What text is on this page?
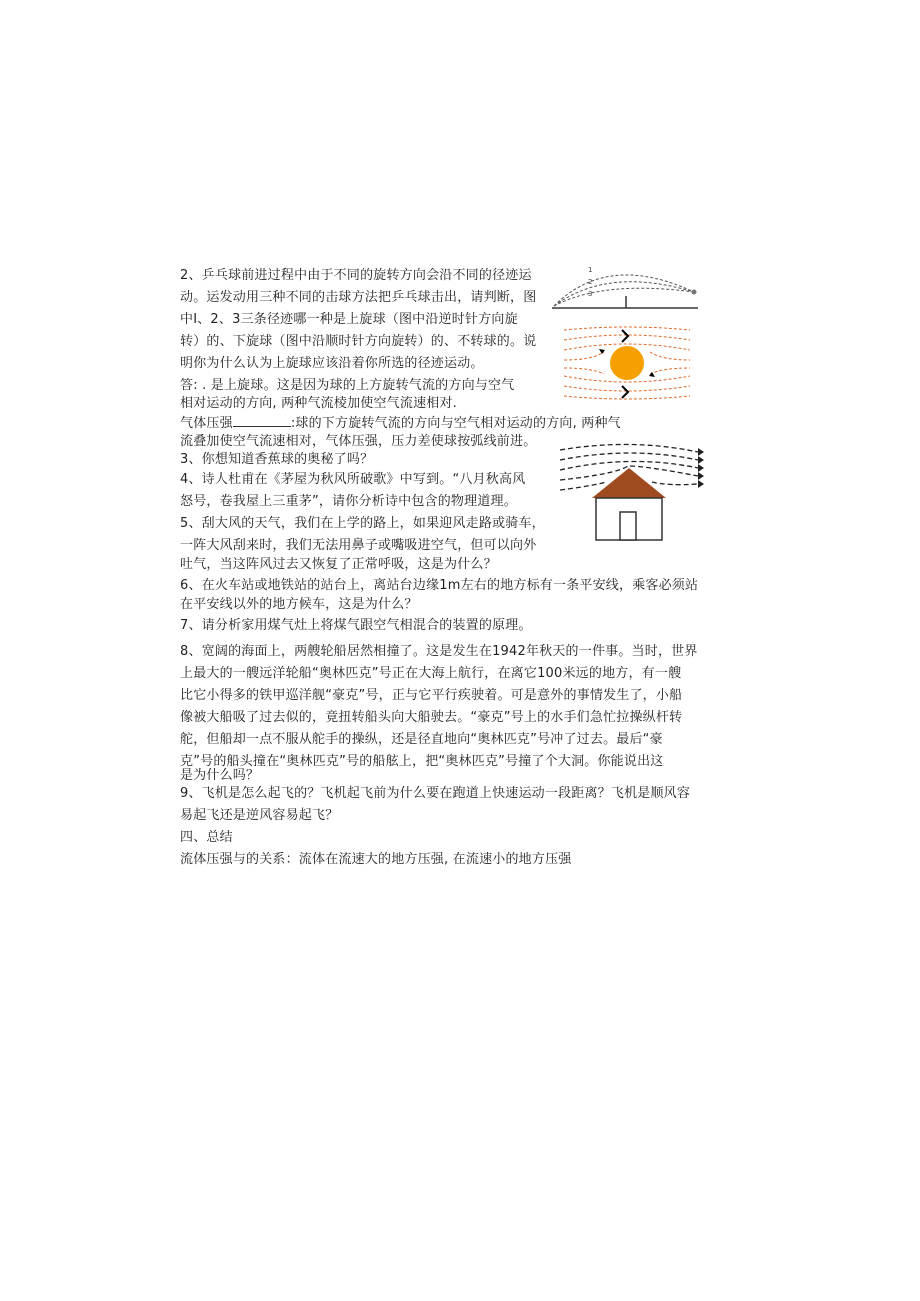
2、乒乓球前进过程中由于不同的旋转方向会沿不同的径迹运
动。运发动用三种不同的击球方法把乒乓球击出，请判断，图
中I、2、3三条径迹哪一种是上旋球（图中沿逆时针方向旋
转）的、下旋球（图中沿顺时针方向旋转）的、不转球的。说
明你为什么认为上旋球应该沿着你所选的径迹运动。
答: . 是上旋球。这是因为球的上方旋转气流的方向与空气
相对运动的方向, 两种气流棱加使空气流速相对.
气体压强	:球的下方旋转气流的方向与空气相对运动的方向, 两种气
流叠加使空气流速相对，气体压强，压力差使球按弧线前进。
3、你想知道香蕉球的奥秘了吗？
4、诗人杜甫在《茅屋为秋风所破歌》中写到。“八月秋高风
怒号，卷我屋上三重茅”，请你分析诗中包含的物理道理。
5、刮大风的天气，我们在上学的路上，如果迎风走路或骑车，
一阵大风刮来时，我们无法用鼻子或嘴吸进空气，但可以向外
吐气，当这阵风过去又恢复了正常呼吸，这是为什么？
6、在火车站或地铁站的站台上，离站台边缘1m左右的地方标有一条平安线，乘客必须站
在平安线以外的地方候车，这是为什么？
7、请分析家用煤气灶上将煤气跟空气相混合的装置的原理。
8、宽阔的海面上，两艘轮船居然相撞了。这是发生在1942年秋天的一件事。当时，世界
上最大的一艘远洋轮船“奥林匹克”号正在大海上航行，在离它100米远的地方，有一艘
比它小得多的铁甲巡洋舰“豪克”号，正与它平行疾驶着。可是意外的事情发生了，小船
像被大船吸了过去似的，竟扭转船头向大船驶去。“豪克”号上的水手们急忙拉操纵杆转
舵，但船却一点不服从舵手的操纵，还是径直地向“奥林匹克”号冲了过去。最后“豪
克”号的船头撞在“奥林匹克”号的船舷上，把“奥林匹克”号撞了个大洞。你能说出这
是为什么吗？
9、飞机是怎么起飞的？飞机起飞前为什么要在跑道上快速运动一段距离？飞机是顺风容
易起飞还是逆风容易起飞？
四、总结
流体压强与的关系：流体在流速大的地方压强, 在流速小的地方压强
1
2
3
